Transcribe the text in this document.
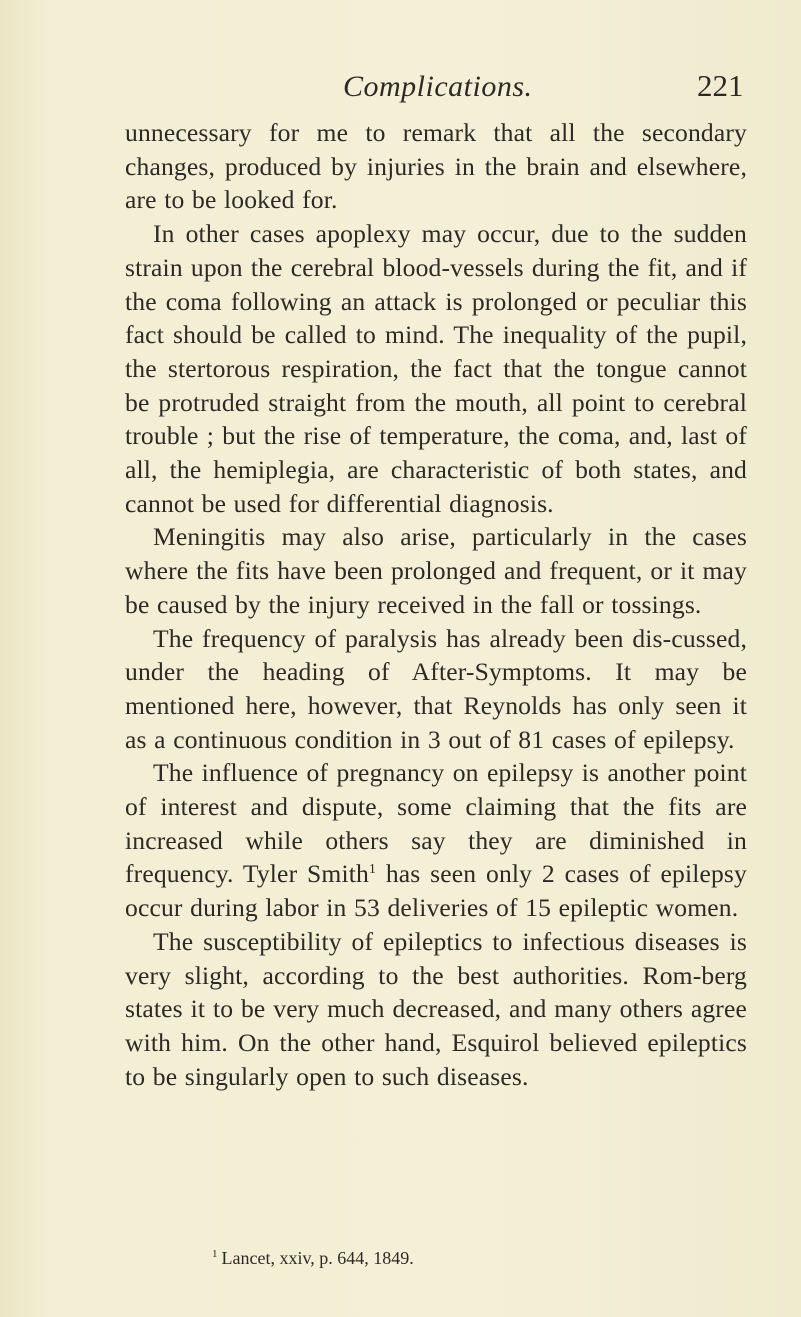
Complications.	221

unnecessary for me to remark that all the secondary changes, produced by injuries in the brain and elsewhere, are to be looked for.

In other cases apoplexy may occur, due to the sudden strain upon the cerebral blood-vessels during the fit, and if the coma following an attack is prolonged or peculiar this fact should be called to mind. The inequality of the pupil, the stertorous respiration, the fact that the tongue cannot be protruded straight from the mouth, all point to cerebral trouble ; but the rise of temperature, the coma, and, last of all, the hemiplegia, are characteristic of both states, and cannot be used for differential diagnosis.

Meningitis may also arise, particularly in the cases where the fits have been prolonged and frequent, or it may be caused by the injury received in the fall or tossings.

The frequency of paralysis has already been dis-cussed, under the heading of After-Symptoms. It may be mentioned here, however, that Reynolds has only seen it as a continuous condition in 3 out of 81 cases of epilepsy.

The influence of pregnancy on epilepsy is another point of interest and dispute, some claiming that the fits are increased while others say they are diminished in frequency. Tyler Smith$^1$ has seen only 2 cases of epilepsy occur during labor in 53 deliveries of 15 epileptic women.

The susceptibility of epileptics to infectious diseases is very slight, according to the best authorities. Rom-berg states it to be very much decreased, and many others agree with him. On the other hand, Esquirol believed epileptics to be singularly open to such diseases.

$^1$ Lancet, xxiv, p. 644, 1849.
